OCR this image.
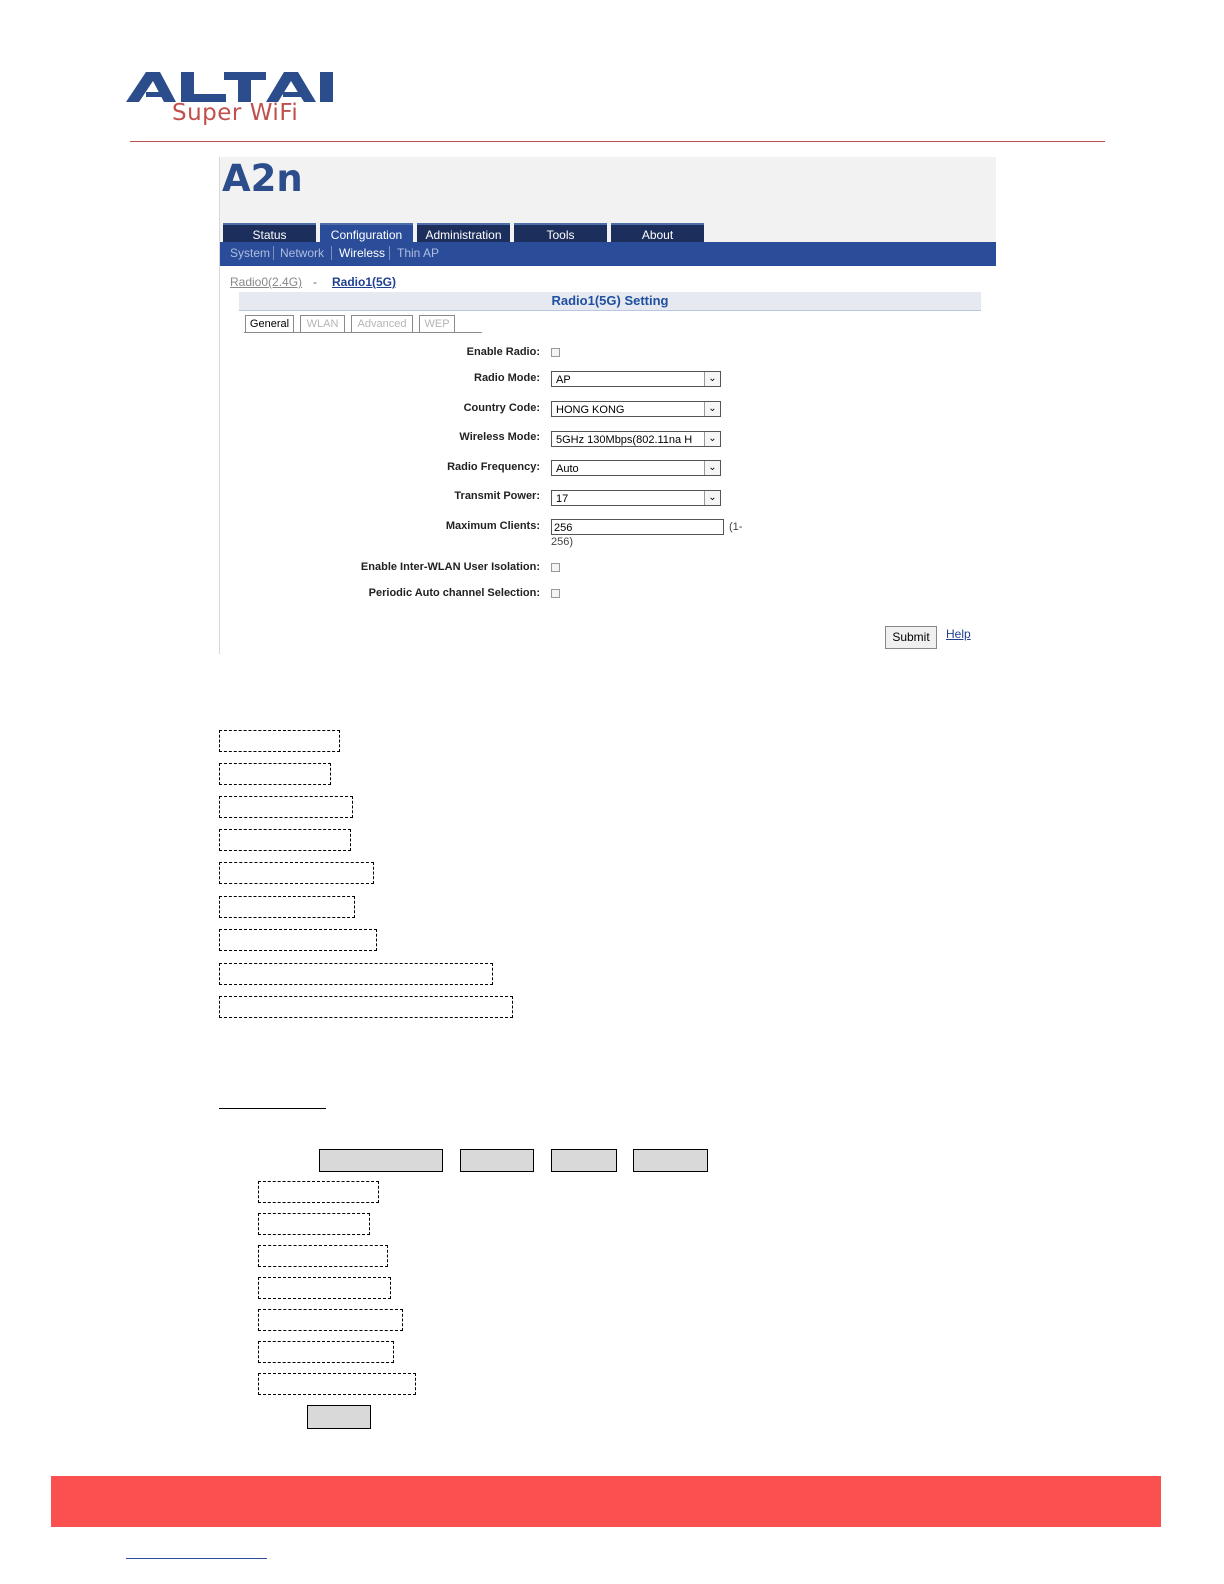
Super WiFi
A2n
Status	Configuration	Administration	Tools	About
System Network Wireless Thin AP
Radio0(2.4G) - Radio1(5G)
Radio1(5G) Setting
General	WLAN	Advanced	WEP
Enable Radio:
Radio Mode:	AP	⌄
Country Code:	HONG KONG	⌄
Wireless Mode:	5GHz 130Mbps(802.11na H	⌄
Radio Frequency:	Auto	⌄
Transmit Power:	17	⌄
Maximum Clients: 256	(1-
256)
Enable Inter-WLAN User Isolation:
Periodic Auto channel Selection:
Submit	Help
